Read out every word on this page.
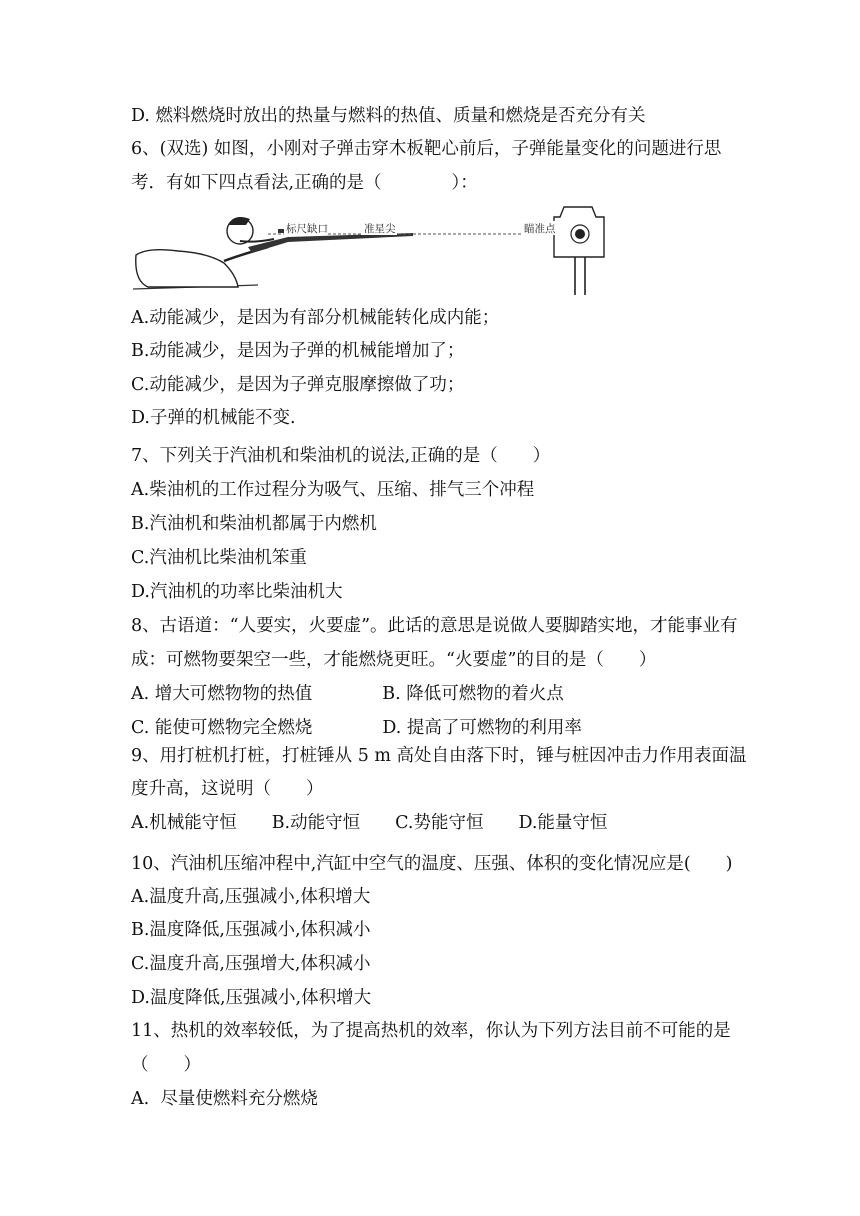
D. 燃料燃烧时放出的热量与燃料的热值、质量和燃烧是否充分有关
6、(双选) 如图，小刚对子弹击穿木板靶心前后，子弹能量变化的问题进行思
考．有如下四点看法,正确的是（　　　　）：
标尺缺口	准星尖	瞄准点
A.动能减少，是因为有部分机械能转化成内能；
B.动能减少，是因为子弹的机械能增加了；
C.动能减少，是因为子弹克服摩擦做了功；
D.子弹的机械能不变.
7、下列关于汽油机和柴油机的说法,正确的是（　　）
A.柴油机的工作过程分为吸气、压缩、排气三个冲程
B.汽油机和柴油机都属于内燃机
C.汽油机比柴油机笨重
D.汽油机的功率比柴油机大
8、古语道：“人要实，火要虚”。此话的意思是说做人要脚踏实地，才能事业有
成：可燃物要架空一些，才能燃烧更旺。“火要虚”的目的是（　　）
A. 增大可燃物物的热值　　　　B. 降低可燃物的着火点
C. 能使可燃物完全燃烧　　　　D. 提高了可燃物的利用率
9、用打桩机打桩，打桩锤从 5 m 高处自由落下时，锤与桩因冲击力作用表面温
度升高，这说明（　　）
A.机械能守恒　　B.动能守恒　　C.势能守恒　　D.能量守恒
10、汽油机压缩冲程中,汽缸中空气的温度、压强、体积的变化情况应是(　　)
A.温度升高,压强减小,体积增大
B.温度降低,压强减小,体积减小
C.温度升高,压强增大,体积减小
D.温度降低,压强减小,体积增大
11、热机的效率较低，为了提高热机的效率，你认为下列方法目前不可能的是
（　　）
A.  尽量使燃料充分燃烧
